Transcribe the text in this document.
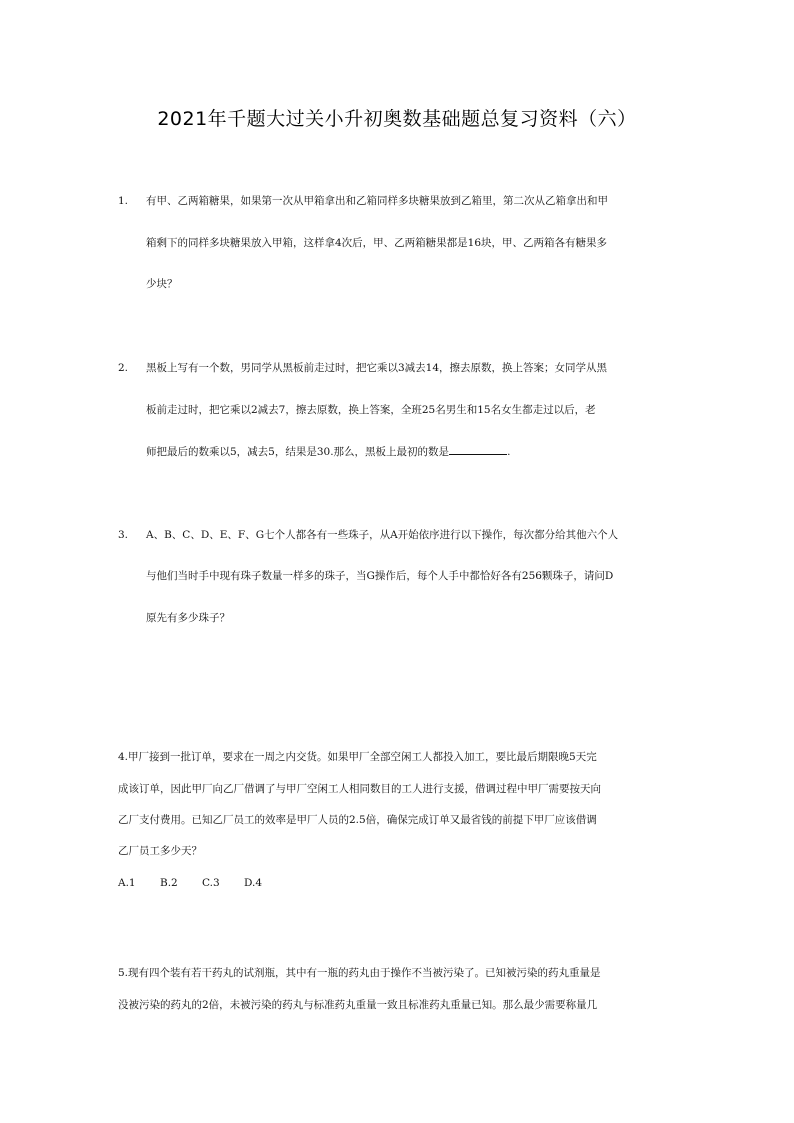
2021年千题大过关小升初奥数基础题总复习资料（六）
1. 有甲、乙两箱糖果，如果第一次从甲箱拿出和乙箱同样多块糖果放到乙箱里，第二次从乙箱拿出和甲
箱剩下的同样多块糖果放入甲箱，这样拿4次后，甲、乙两箱糖果都是16块，甲、乙两箱各有糖果多
少块？
2. 黑板上写有一个数，男同学从黑板前走过时，把它乘以3减去14，擦去原数，换上答案；女同学从黑
板前走过时，把它乘以2减去7，擦去原数，换上答案，全班25名男生和15名女生都走过以后，老
师把最后的数乘以5，减去5，结果是30.那么，黑板上最初的数是	.
3. A、B、C、D、E、F、G七个人都各有一些珠子，从A开始依序进行以下操作，每次都分给其他六个人
与他们当时手中现有珠子数量一样多的珠子，当G操作后，每个人手中都恰好各有256颗珠子，请问D
原先有多少珠子？
4.甲厂接到一批订单，要求在一周之内交货。如果甲厂全部空闲工人都投入加工，要比最后期限晚5天完
成该订单，因此甲厂向乙厂借调了与甲厂空闲工人相同数目的工人进行支援，借调过程中甲厂需要按天向
乙厂支付费用。已知乙厂员工的效率是甲厂人员的2.5倍，确保完成订单又最省钱的前提下甲厂应该借调
乙厂员工多少天？
A.1 B.2 C.3 D.4
5.现有四个装有若干药丸的试剂瓶，其中有一瓶的药丸由于操作不当被污染了。已知被污染的药丸重量是
没被污染的药丸的2倍，未被污染的药丸与标准药丸重量一致且标准药丸重量已知。那么最少需要称量几
